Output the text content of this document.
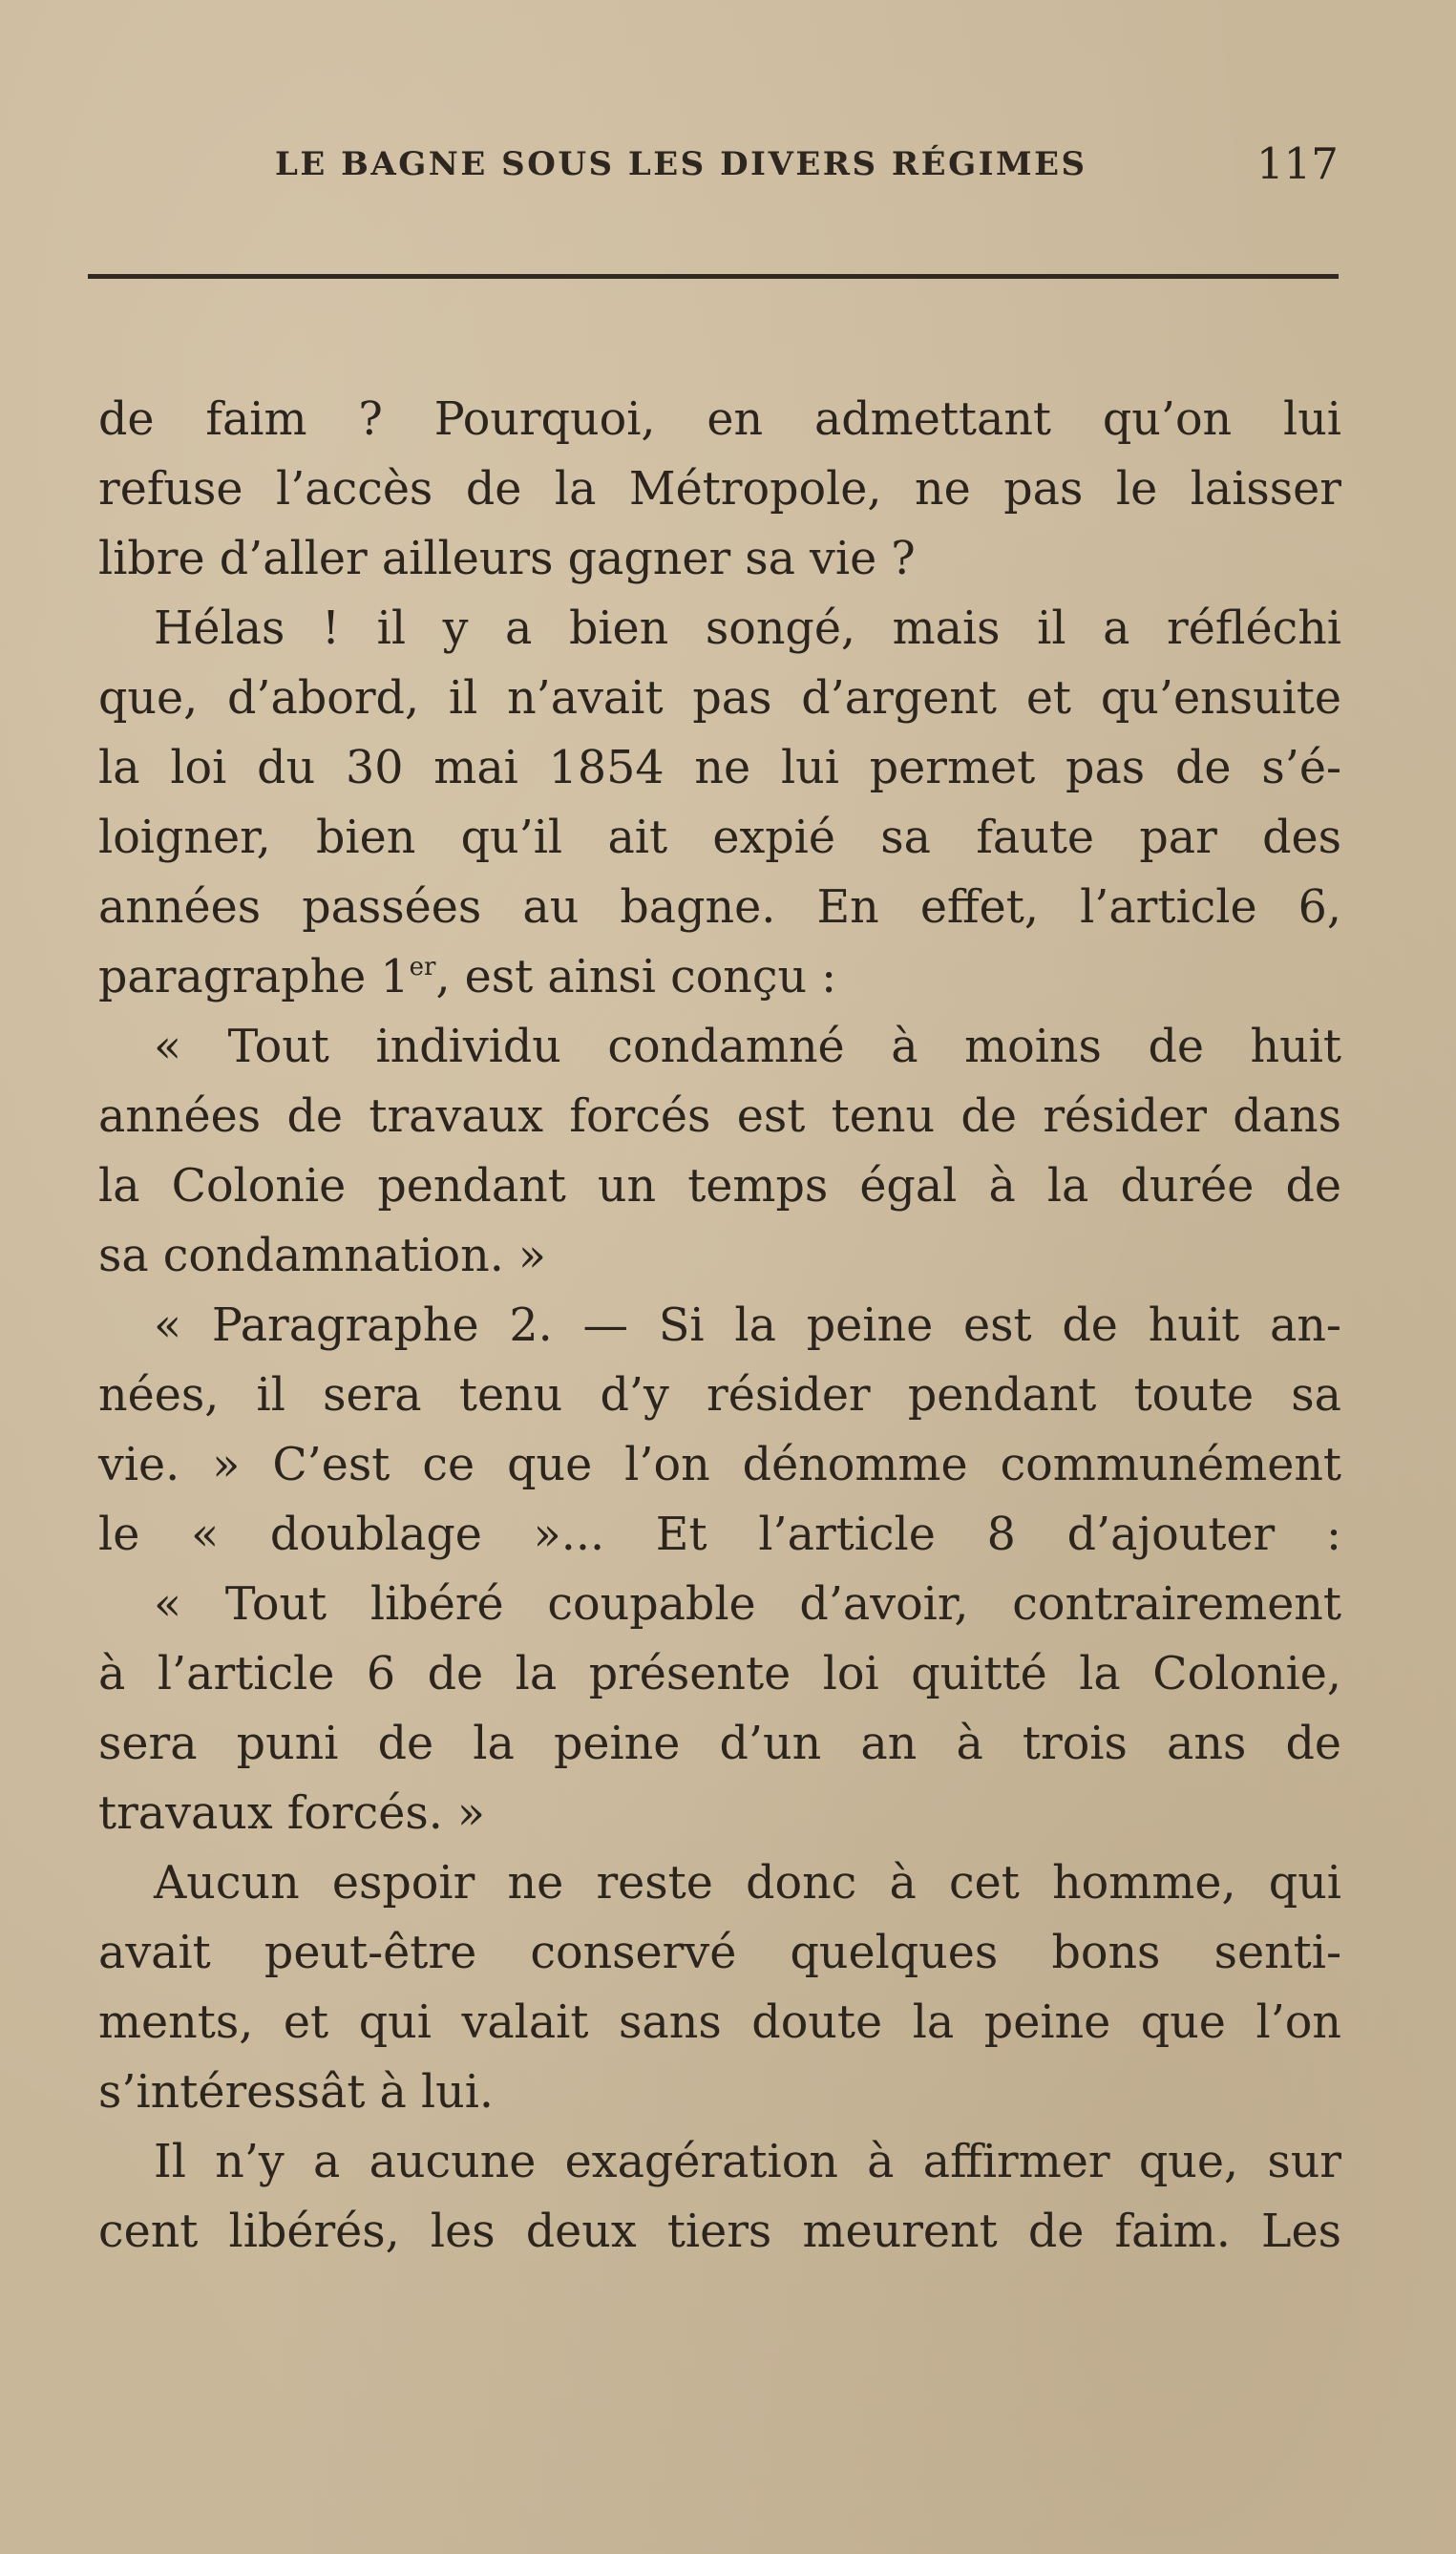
LE BAGNE SOUS LES DIVERS RÉGIMES	117
de faim ? Pourquoi, en admettant qu’on lui
refuse l’accès de la Métropole, ne pas le laisser
libre d’aller ailleurs gagner sa vie ?
Hélas ! il y a bien songé, mais il a réfléchi
que, d’abord, il n’avait pas d’argent et qu’ensuite
la loi du 30 mai 1854 ne lui permet pas de s’é-
loigner, bien qu’il ait expié sa faute par des
années passées au bagne. En effet, l’article 6,
paragraphe 1er, est ainsi conçu :
« Tout individu condamné à moins de huit
années de travaux forcés est tenu de résider dans
la Colonie pendant un temps égal à la durée de
sa condamnation. »
« Paragraphe 2. — Si la peine est de huit an-
nées, il sera tenu d’y résider pendant toute sa
vie. » C’est ce que l’on dénomme communément
le « doublage »... Et l’article 8 d’ajouter :
« Tout libéré coupable d’avoir, contrairement
à l’article 6 de la présente loi quitté la Colonie,
sera puni de la peine d’un an à trois ans de
travaux forcés. »
Aucun espoir ne reste donc à cet homme, qui
avait peut-être conservé quelques bons senti-
ments, et qui valait sans doute la peine que l’on
s’intéressât à lui.
Il n’y a aucune exagération à affirmer que, sur
cent libérés, les deux tiers meurent de faim. Les
